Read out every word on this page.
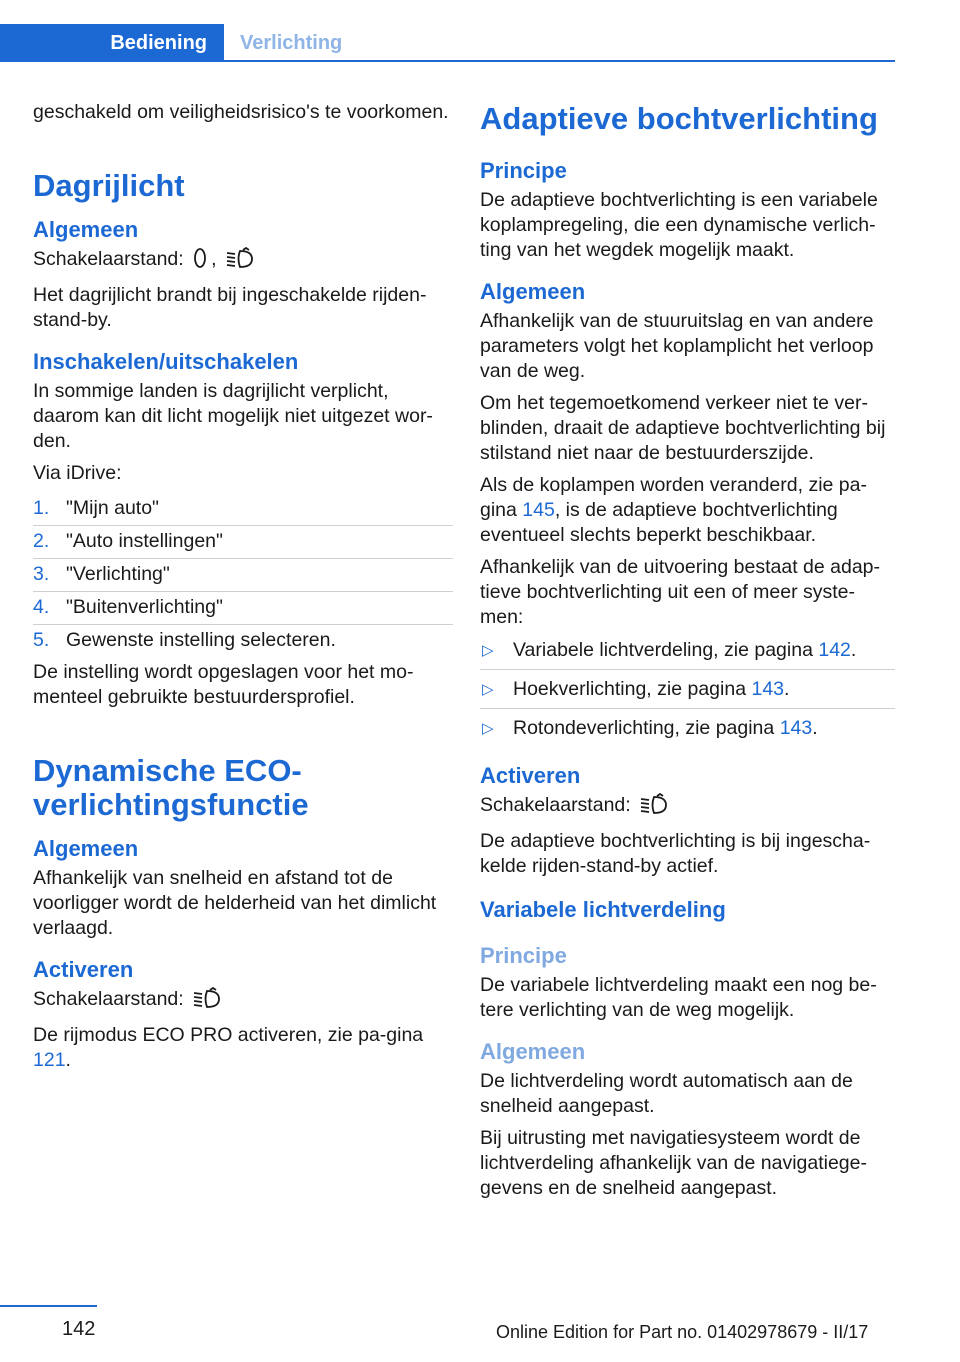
Bediening	Verlichting

geschakeld om veiligheidsrisico's te voorkomen.

Dagrijlicht
Algemeen

Schakelaarstand: ,

Het dagrijlicht brandt bij ingeschakelde rijden-stand-by.

Inschakelen/uitschakelen

In sommige landen is dagrijlicht verplicht, daarom kan dit licht mogelijk niet uitgezet wor-den.

Via iDrive:

1. "Mijn auto"
2. "Auto instellingen"
3. "Verlichting"
4. "Buitenverlichting"
5. Gewenste instelling selecteren.

De instelling wordt opgeslagen voor het mo-menteel gebruikte bestuurdersprofiel.

Dynamische ECO-verlichtingsfunctie
Algemeen

Afhankelijk van snelheid en afstand tot de voorligger wordt de helderheid van het dimlicht verlaagd.

Activeren

Schakelaarstand:

De rijmodus ECO PRO activeren, zie pa-gina 121.

Adaptieve bochtverlichting
Principe

De adaptieve bochtverlichting is een variabele koplampregeling, die een dynamische verlich-ting van het wegdek mogelijk maakt.

Algemeen

Afhankelijk van de stuuruitslag en van andere parameters volgt het koplamplicht het verloop van de weg.

Om het tegemoetkomend verkeer niet te ver-blinden, draait de adaptieve bochtverlichting bij stilstand niet naar de bestuurderszijde.

Als de koplampen worden veranderd, zie pa-gina 145, is de adaptieve bochtverlichting eventueel slechts beperkt beschikbaar.

Afhankelijk van de uitvoering bestaat de adap-tieve bochtverlichting uit een of meer syste-men:

▷ Variabele lichtverdeling, zie pagina 142.
▷ Hoekverlichting, zie pagina 143.
▷ Rotondeverlichting, zie pagina 143.
Activeren

Schakelaarstand:

De adaptieve bochtverlichting is bij ingescha-kelde rijden-stand-by actief.

Variabele lichtverdeling
Principe

De variabele lichtverdeling maakt een nog be-tere verlichting van de weg mogelijk.

Algemeen

De lichtverdeling wordt automatisch aan de snelheid aangepast.

Bij uitrusting met navigatiesysteem wordt de lichtverdeling afhankelijk van de navigatiege-gevens en de snelheid aangepast.

142	Online Edition for Part no. 01402978679 - II/17
